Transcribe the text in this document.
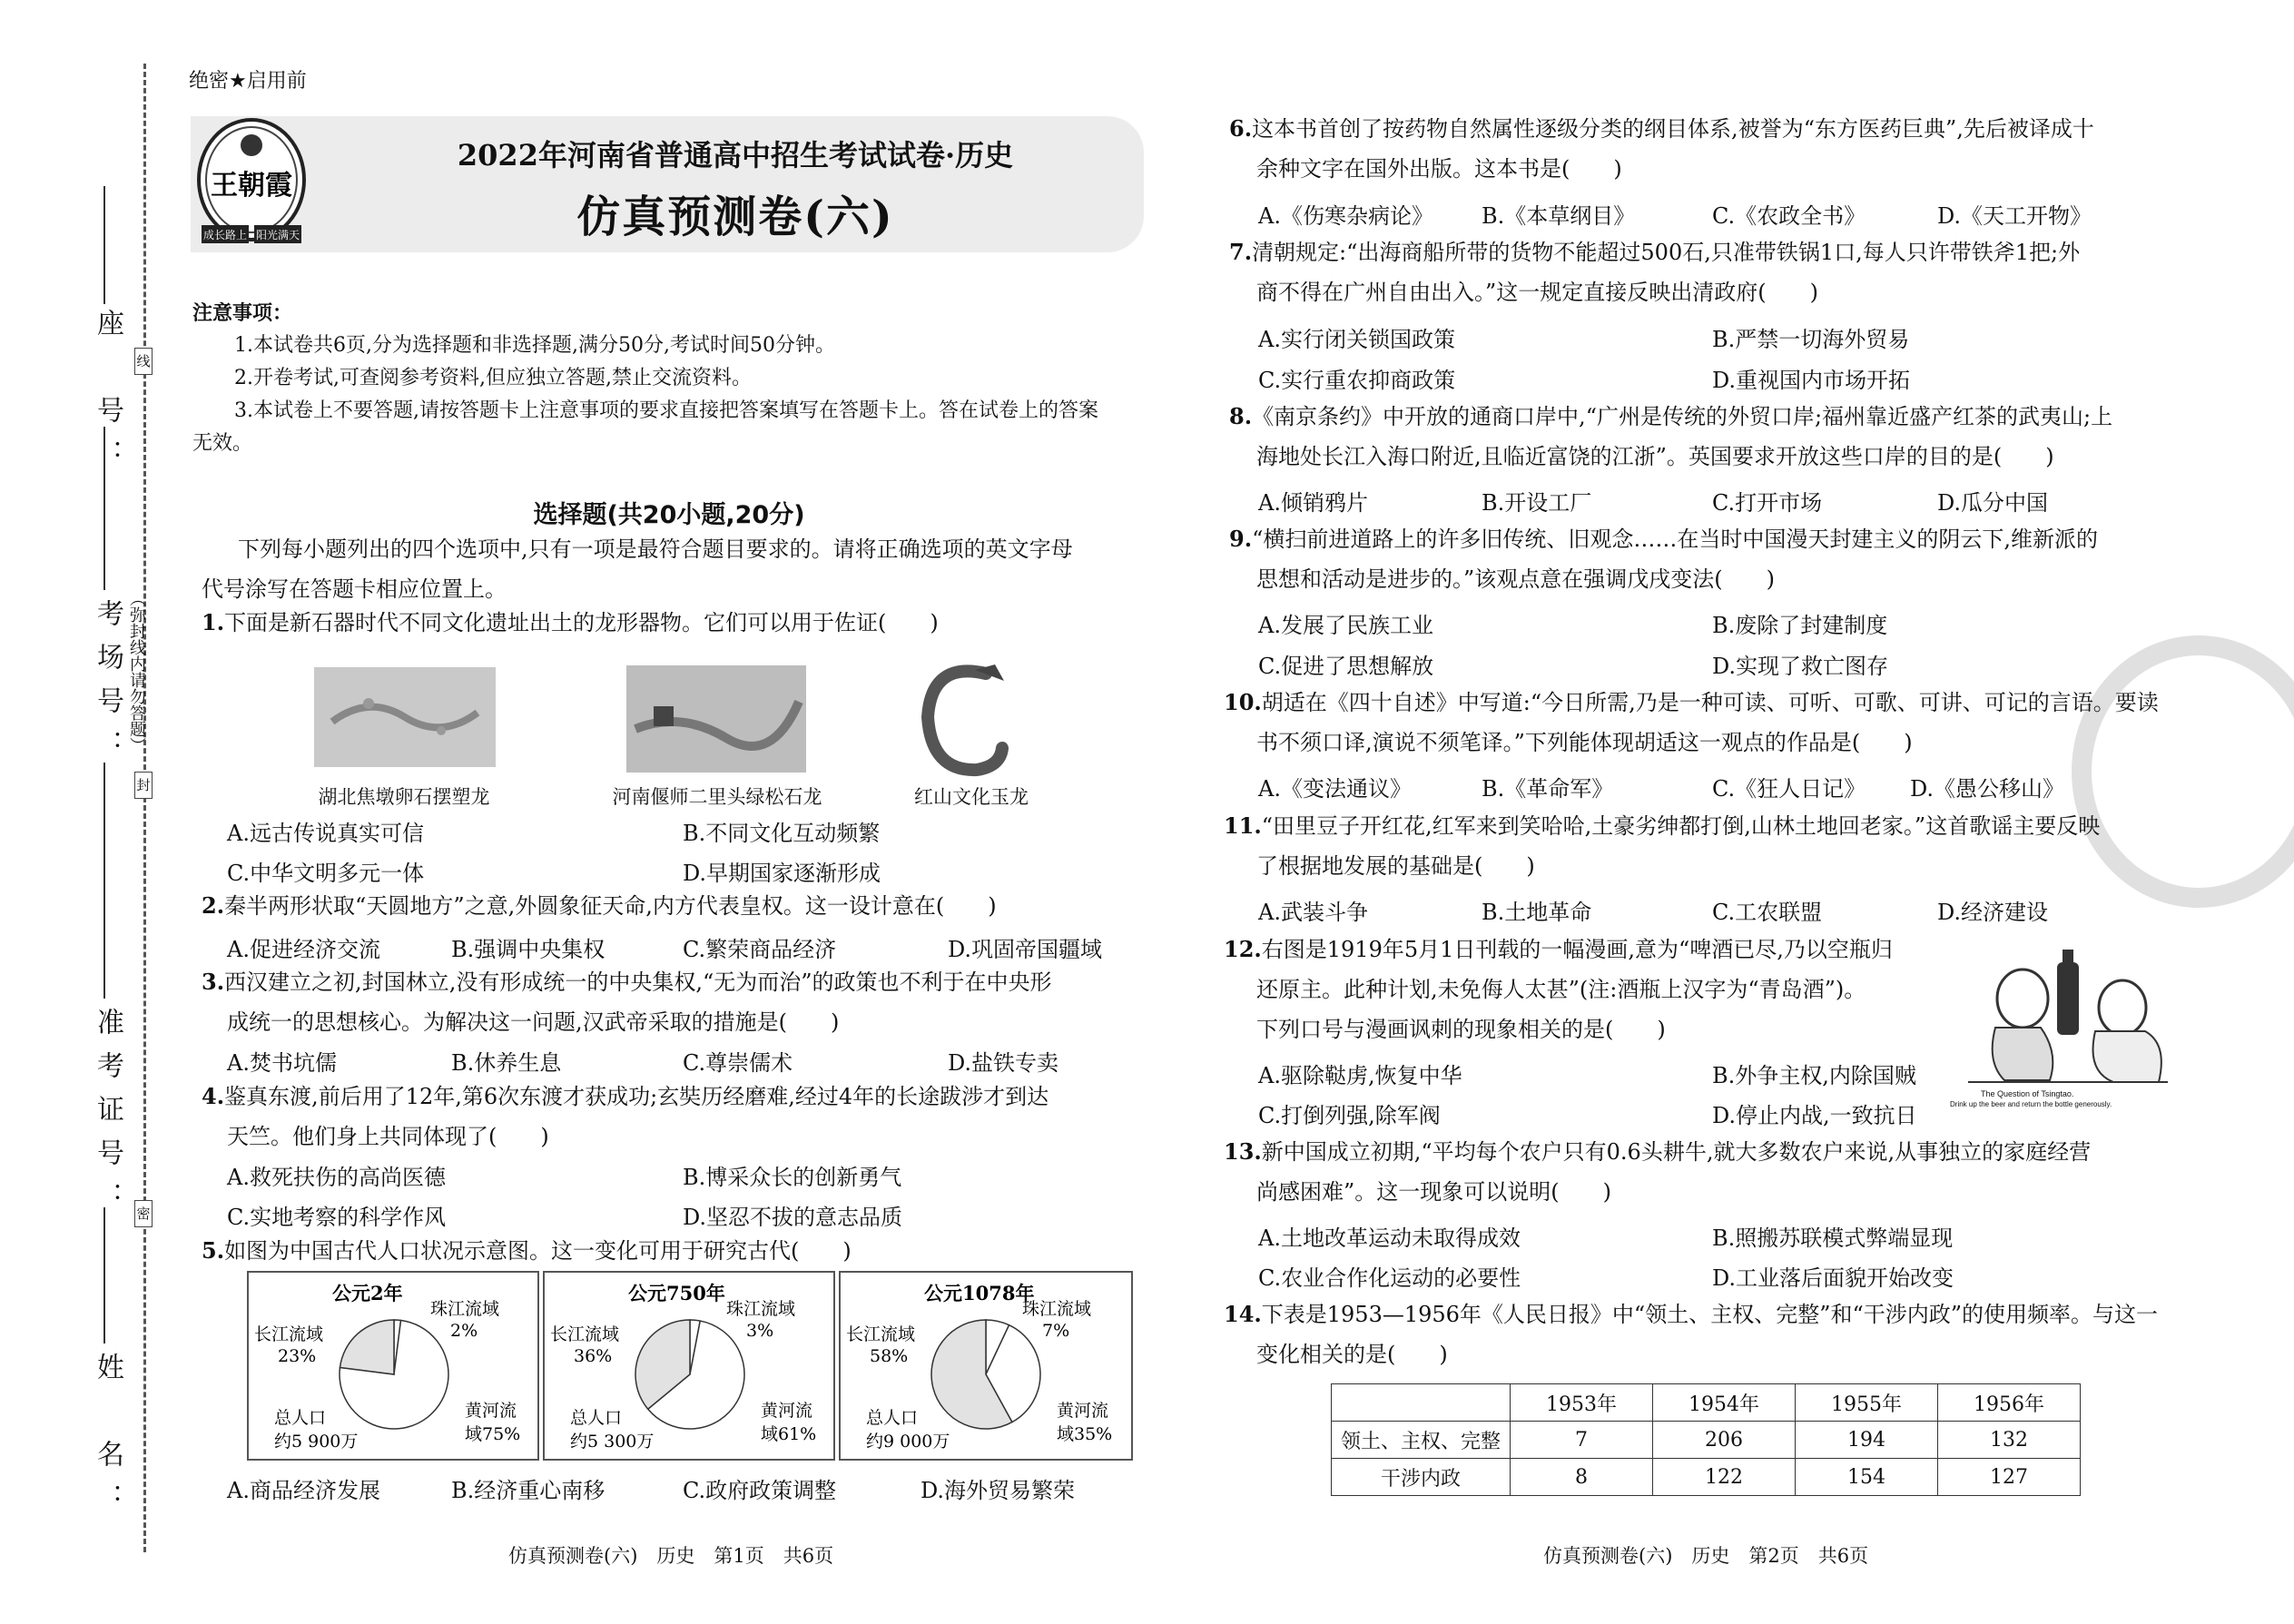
座　号：
考场号：
准考证号：
姓　名：
线
封
密
（弥封线内请勿答题）
绝密★启用前
王朝霞
成长路上 阳光满天
2022年河南省普通高中招生考试试卷·历史
仿真预测卷(六)
注意事项：
1.本试卷共6页,分为选择题和非选择题,满分50分,考试时间50分钟。
2.开卷考试,可查阅参考资料,但应独立答题,禁止交流资料。
3.本试卷上不要答题,请按答题卡上注意事项的要求直接把答案填写在答题卡上。答在试卷上的答案
无效。
选择题(共20小题,20分)
下列每小题列出的四个选项中,只有一项是最符合题目要求的。请将正确选项的英文字母
代号涂写在答题卡相应位置上。
1.下面是新石器时代不同文化遗址出土的龙形器物。它们可以用于佐证(　　)
湖北焦墩卵石摆塑龙	河南偃师二里头绿松石龙	红山文化玉龙
A.远古传说真实可信	B.不同文化互动频繁
C.中华文明多元一体	D.早期国家逐渐形成
2.秦半两形状取“天圆地方”之意,外圆象征天命,内方代表皇权。这一设计意在(　　)
A.促进经济交流	B.强调中央集权	C.繁荣商品经济	D.巩固帝国疆域
3.西汉建立之初,封国林立,没有形成统一的中央集权,“无为而治”的政策也不利于在中央形
成统一的思想核心。为解决这一问题,汉武帝采取的措施是(　　)
A.焚书坑儒	B.休养生息	C.尊崇儒术	D.盐铁专卖
4.鉴真东渡,前后用了12年,第6次东渡才获成功;玄奘历经磨难,经过4年的长途跋涉才到达
天竺。他们身上共同体现了(　　)
A.救死扶伤的高尚医德	B.博采众长的创新勇气
C.实地考察的科学作风	D.坚忍不拔的意志品质
5.如图为中国古代人口状况示意图。这一变化可用于研究古代(　　)
公元2年
珠江流域
2%
长江流域
23%
黄河流
域75%
总人口
约5 900万
公元750年
珠江流域
3%
长江流域
36%
黄河流
域61%
总人口
约5 300万
公元1078年
珠江流域
7%
长江流域
58%
黄河流
域35%
总人口
约9 000万
A.商品经济发展	B.经济重心南移	C.政府政策调整	D.海外贸易繁荣
仿真预测卷(六)　历史　第1页　共6页
6.这本书首创了按药物自然属性逐级分类的纲目体系,被誉为“东方医药巨典”,先后被译成十
余种文字在国外出版。这本书是(　　)
A.《伤寒杂病论》 B.《本草纲目》	C.《农政全书》	D.《天工开物》
7.清朝规定:“出海商船所带的货物不能超过500石,只准带铁锅1口,每人只许带铁斧1把;外
商不得在广州自由出入。”这一规定直接反映出清政府(　　)
A.实行闭关锁国政策	B.严禁一切海外贸易
C.实行重农抑商政策	D.重视国内市场开拓
8.《南京条约》中开放的通商口岸中,“广州是传统的外贸口岸;福州靠近盛产红茶的武夷山;上
海地处长江入海口附近,且临近富饶的江浙”。英国要求开放这些口岸的目的是(　　)
A.倾销鸦片	B.开设工厂	C.打开市场	D.瓜分中国
9.“横扫前进道路上的许多旧传统、旧观念……在当时中国漫天封建主义的阴云下,维新派的
思想和活动是进步的。”该观点意在强调戊戌变法(　　)
A.发展了民族工业	B.废除了封建制度
C.促进了思想解放	D.实现了救亡图存
10.胡适在《四十自述》中写道:“今日所需,乃是一种可读、可听、可歌、可讲、可记的言语。要读
书不须口译,演说不须笔译。”下列能体现胡适这一观点的作品是(　　)
A.《变法通议》	B.《革命军》	C.《狂人日记》 D.《愚公移山》
11.“田里豆子开红花,红军来到笑哈哈,土豪劣绅都打倒,山林土地回老家。”这首歌谣主要反映
了根据地发展的基础是(　　)
A.武装斗争	B.土地革命	C.工农联盟	D.经济建设
12.右图是1919年5月1日刊载的一幅漫画,意为“啤酒已尽,乃以空瓶归
还原主。此种计划,未免侮人太甚”(注:酒瓶上汉字为“青岛酒”)。
下列口号与漫画讽刺的现象相关的是(　　)
The Question of Tsingtao.
Drink up the beer and return the bottle generously.
A.驱除鞑虏,恢复中华	B.外争主权,内除国贼
C.打倒列强,除军阀	D.停止内战,一致抗日
13.新中国成立初期,“平均每个农户只有0.6头耕牛,就大多数农户来说,从事独立的家庭经营
尚感困难”。这一现象可以说明(　　)
A.土地改革运动未取得成效	B.照搬苏联模式弊端显现
C.农业合作化运动的必要性	D.工业落后面貌开始改变
14.下表是1953—1956年《人民日报》中“领土、主权、完整”和“干涉内政”的使用频率。与这一
变化相关的是(　　)
	1953年	1954年	1955年	1956年
领土、主权、完整	7	206	194	132
干涉内政	8	122	154	127
仿真预测卷(六)　历史　第2页　共6页
